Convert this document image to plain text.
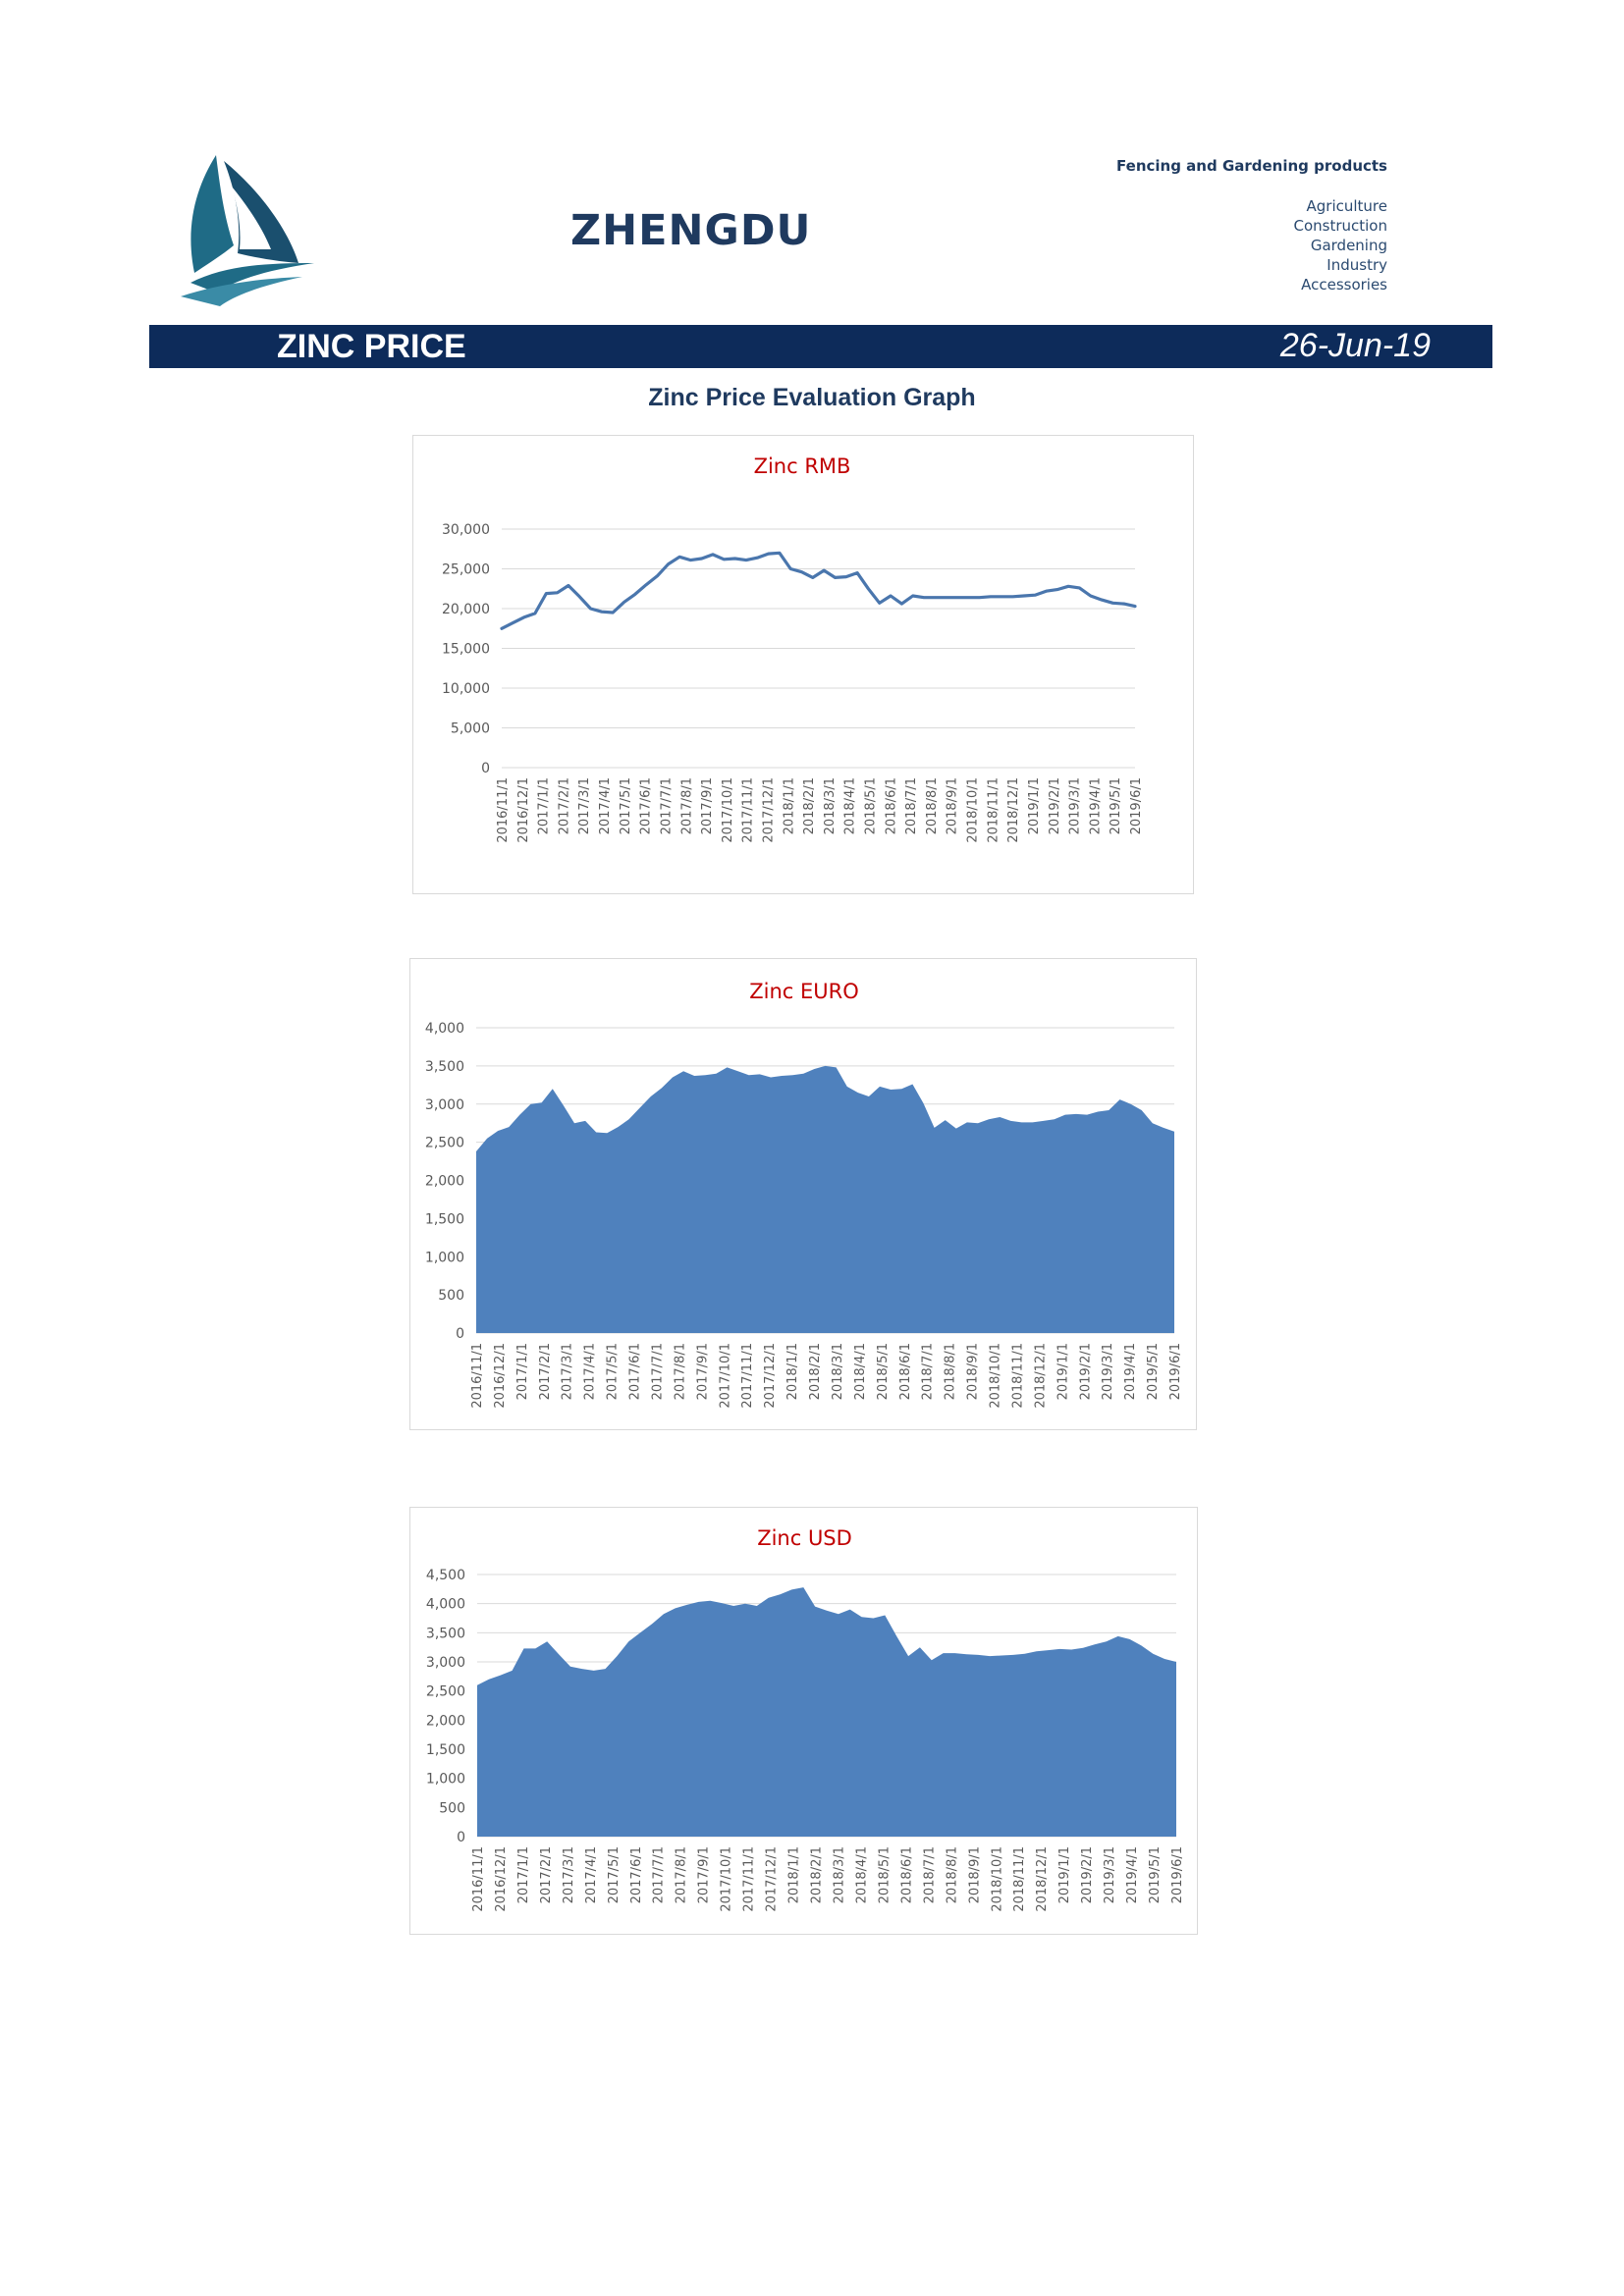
ZHENGDU
Fencing and Gardening products
Agriculture
Construction
Gardening
Industry
Accessories
ZINC PRICE	26-Jun-19
Zinc Price Evaluation Graph
Zinc RMB
0
5,000
10,000
15,000
20,000
25,000
30,000
2016/11/1 2016/12/1 2017/1/1 2017/2/1 2017/3/1 2017/4/1 2017/5/1 2017/6/1 2017/7/1 2017/8/1 2017/9/1 2017/10/1 2017/11/1 2017/12/1 2018/1/1 2018/2/1 2018/3/1 2018/4/1 2018/5/1 2018/6/1 2018/7/1 2018/8/1 2018/9/1 2018/10/1 2018/11/1 2018/12/1 2019/1/1 2019/2/1 2019/3/1 2019/4/1 2019/5/1 2019/6/1
Zinc EURO
0
500
1,000
1,500
2,000
2,500
3,000
3,500
4,000
2016/11/1 2016/12/1 2017/1/1 2017/2/1 2017/3/1 2017/4/1 2017/5/1 2017/6/1 2017/7/1 2017/8/1 2017/9/1 2017/10/1 2017/11/1 2017/12/1 2018/1/1 2018/2/1 2018/3/1 2018/4/1 2018/5/1 2018/6/1 2018/7/1 2018/8/1 2018/9/1 2018/10/1 2018/11/1 2018/12/1 2019/1/1 2019/2/1 2019/3/1 2019/4/1 2019/5/1 2019/6/1
Zinc USD
0
500
1,000
1,500
2,000
2,500
3,000
3,500
4,000
4,500
2016/11/1 2016/12/1 2017/1/1 2017/2/1 2017/3/1 2017/4/1 2017/5/1 2017/6/1 2017/7/1 2017/8/1 2017/9/1 2017/10/1 2017/11/1 2017/12/1 2018/1/1 2018/2/1 2018/3/1 2018/4/1 2018/5/1 2018/6/1 2018/7/1 2018/8/1 2018/9/1 2018/10/1 2018/11/1 2018/12/1 2019/1/1 2019/2/1 2019/3/1 2019/4/1 2019/5/1 2019/6/1
